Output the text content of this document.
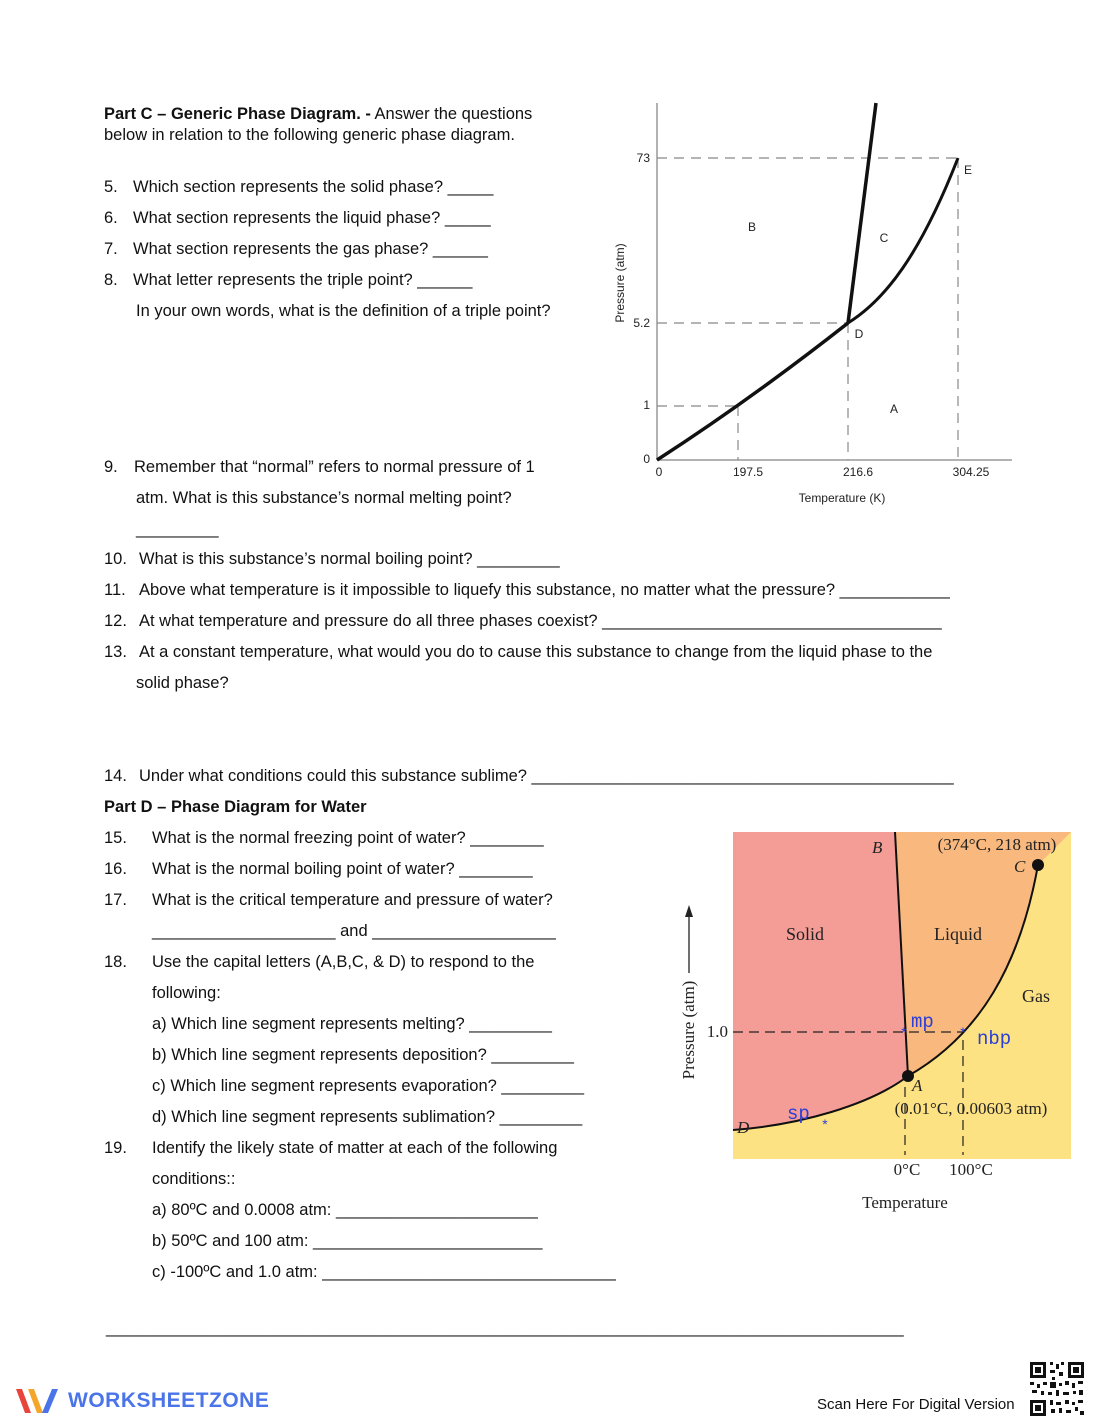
Part C – Generic Phase Diagram. - Answer the questions
below in relation to the following generic phase diagram.
5. Which section represents the solid phase? _____
6. What section represents the liquid phase? _____
7. What section represents the gas phase? ______
8. What letter represents the triple point? ______
In your own words, what is the definition of a triple point?
9. Remember that “normal” refers to normal pressure of 1
atm. What is this substance’s normal melting point?
_________
10. What is this substance’s normal boiling point? _________
11. Above what temperature is it impossible to liquefy this substance, no matter what the pressure? ____________
12. At what temperature and pressure do all three phases coexist? _____________________________________
13. At a constant temperature, what would you do to cause this substance to change from the liquid phase to the
solid phase?
14. Under what conditions could this substance sublime? ______________________________________________
73
5.2
1
0
0	197.5	216.6	304.25
Pressure (atm)
Temperature (K)
A
B
C
D
E
Part D – Phase Diagram for Water
15. What is the normal freezing point of water? ________
16. What is the normal boiling point of water? ________
17. What is the critical temperature and pressure of water?
____________________ and ____________________
18. Use the capital letters (A,B,C, & D) to respond to the
following:
a) Which line segment represents melting? _________
b) Which line segment represents deposition? _________
c) Which line segment represents evaporation? _________
d) Which line segment represents sublimation? _________
19. Identify the likely state of matter at each of the following
conditions::
a) 80ºC and 0.0008 atm: ______________________
b) 50ºC and 100 atm: _________________________
c) -100ºC and 1.0 atm: ________________________________
*	*
*
mp
nbp
sp
Solid	Liquid
Gas
(374°C, 218 atm)
(0.01°C, 0.00603 atm)
A
B
C
D
1.0
0°C 100°C
Temperature
Pressure (atm)
______________________________________________________________________________________
WORKSHEETZONE	Scan Here For Digital Version
